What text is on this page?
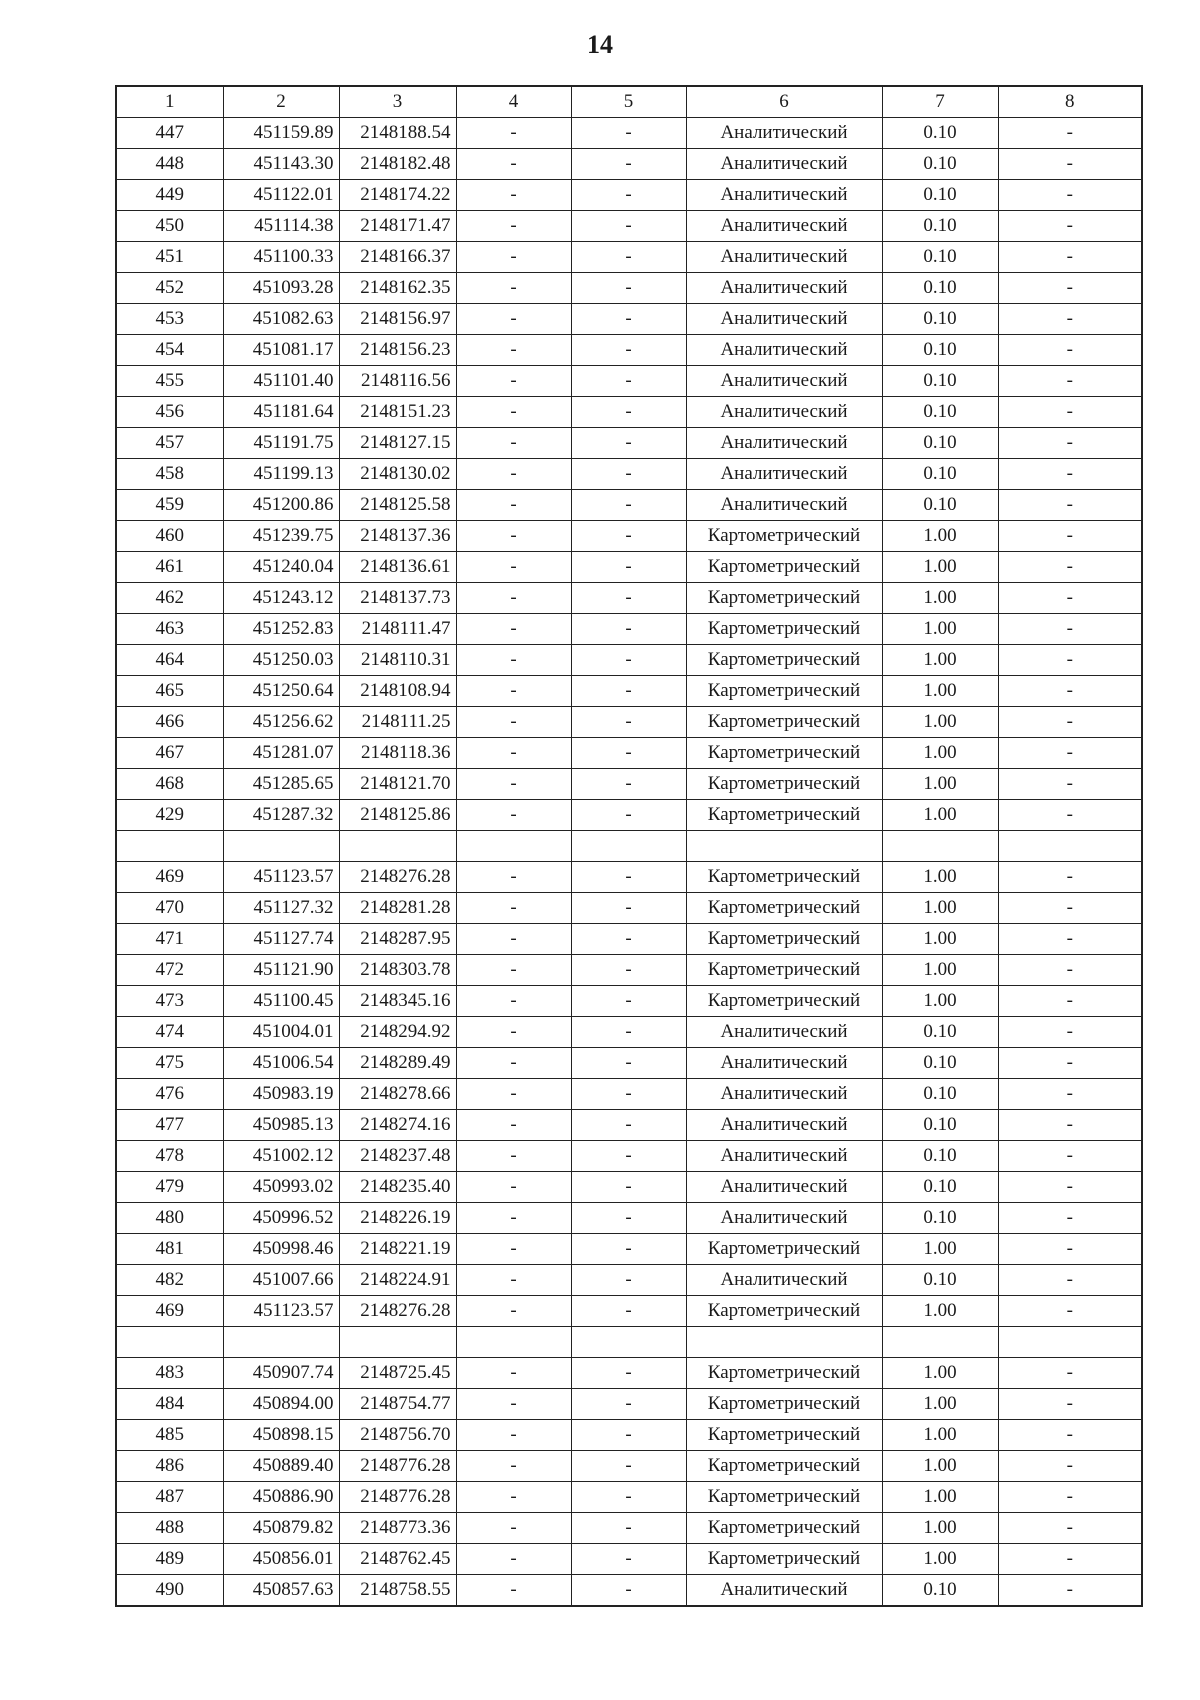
14
1	2	3	4	5	6	7	8
447	451159.89	2148188.54	-	-	Аналитический	0.10	-
448	451143.30	2148182.48	-	-	Аналитический	0.10	-
449	451122.01	2148174.22	-	-	Аналитический	0.10	-
450	451114.38	2148171.47	-	-	Аналитический	0.10	-
451	451100.33	2148166.37	-	-	Аналитический	0.10	-
452	451093.28	2148162.35	-	-	Аналитический	0.10	-
453	451082.63	2148156.97	-	-	Аналитический	0.10	-
454	451081.17	2148156.23	-	-	Аналитический	0.10	-
455	451101.40	2148116.56	-	-	Аналитический	0.10	-
456	451181.64	2148151.23	-	-	Аналитический	0.10	-
457	451191.75	2148127.15	-	-	Аналитический	0.10	-
458	451199.13	2148130.02	-	-	Аналитический	0.10	-
459	451200.86	2148125.58	-	-	Аналитический	0.10	-
460	451239.75	2148137.36	-	-	Картометрический	1.00	-
461	451240.04	2148136.61	-	-	Картометрический	1.00	-
462	451243.12	2148137.73	-	-	Картометрический	1.00	-
463	451252.83	2148111.47	-	-	Картометрический	1.00	-
464	451250.03	2148110.31	-	-	Картометрический	1.00	-
465	451250.64	2148108.94	-	-	Картометрический	1.00	-
466	451256.62	2148111.25	-	-	Картометрический	1.00	-
467	451281.07	2148118.36	-	-	Картометрический	1.00	-
468	451285.65	2148121.70	-	-	Картометрический	1.00	-
429	451287.32	2148125.86	-	-	Картометрический	1.00	-

469	451123.57	2148276.28	-	-	Картометрический	1.00	-
470	451127.32	2148281.28	-	-	Картометрический	1.00	-
471	451127.74	2148287.95	-	-	Картометрический	1.00	-
472	451121.90	2148303.78	-	-	Картометрический	1.00	-
473	451100.45	2148345.16	-	-	Картометрический	1.00	-
474	451004.01	2148294.92	-	-	Аналитический	0.10	-
475	451006.54	2148289.49	-	-	Аналитический	0.10	-
476	450983.19	2148278.66	-	-	Аналитический	0.10	-
477	450985.13	2148274.16	-	-	Аналитический	0.10	-
478	451002.12	2148237.48	-	-	Аналитический	0.10	-
479	450993.02	2148235.40	-	-	Аналитический	0.10	-
480	450996.52	2148226.19	-	-	Аналитический	0.10	-
481	450998.46	2148221.19	-	-	Картометрический	1.00	-
482	451007.66	2148224.91	-	-	Аналитический	0.10	-
469	451123.57	2148276.28	-	-	Картометрический	1.00	-

483	450907.74	2148725.45	-	-	Картометрический	1.00	-
484	450894.00	2148754.77	-	-	Картометрический	1.00	-
485	450898.15	2148756.70	-	-	Картометрический	1.00	-
486	450889.40	2148776.28	-	-	Картометрический	1.00	-
487	450886.90	2148776.28	-	-	Картометрический	1.00	-
488	450879.82	2148773.36	-	-	Картометрический	1.00	-
489	450856.01	2148762.45	-	-	Картометрический	1.00	-
490	450857.63	2148758.55	-	-	Аналитический	0.10	-
